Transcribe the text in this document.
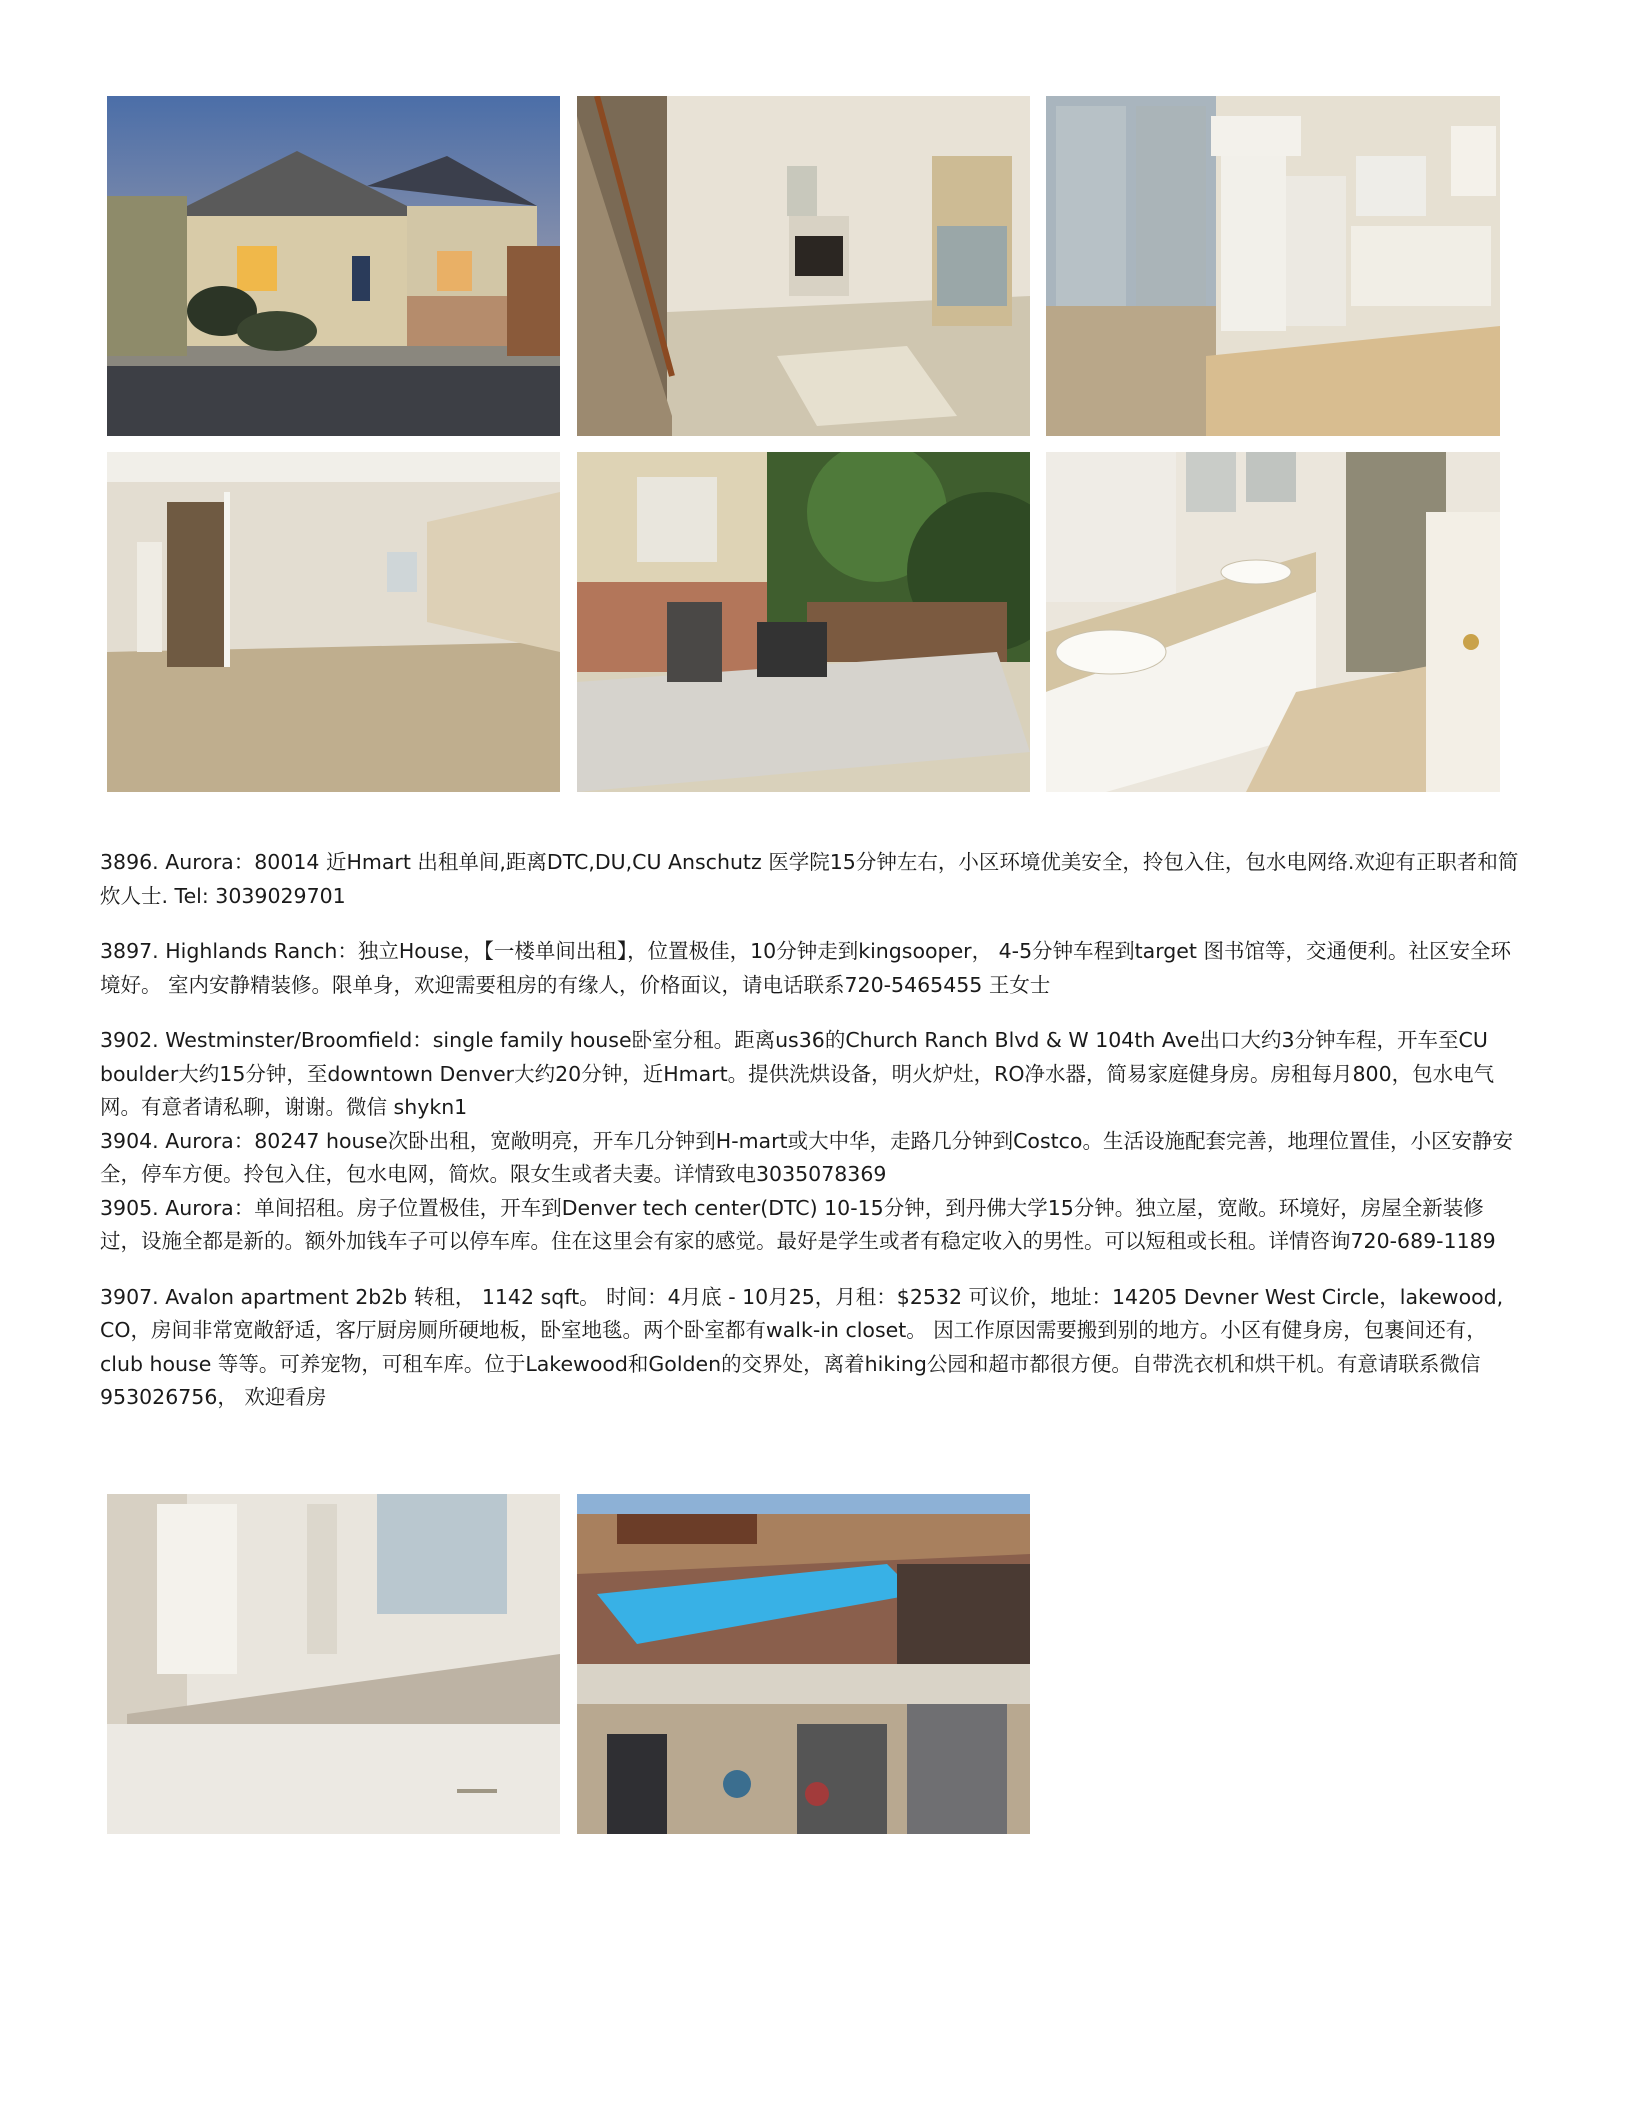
3896. Aurora：80014 近Hmart 出租单间,距离DTC,DU,CU Anschutz 医学院15分钟左右，小区环境优美安全，拎包入住，包水电网络.欢迎有正职者和简炊人士. Tel: 3039029701

3897. Highlands Ranch：独立House，【一楼单间出租】，位置极佳，10分钟走到kingsooper， 4-5分钟车程到target 图书馆等，交通便利。社区安全环境好。 室内安静精装修。限单身，欢迎需要租房的有缘人，价格面议，请电话联系720-5465455 王女士

3902. Westminster/Broomfield：single family house卧室分租。距离us36的Church Ranch Blvd & W 104th Ave出口大约3分钟车程，开车至CU boulder大约15分钟，至downtown Denver大约20分钟，近Hmart。提供洗烘设备，明火炉灶，RO净水器，简易家庭健身房。房租每月800，包水电气网。有意者请私聊，谢谢。微信 shykn1

3904. Aurora：80247 house次卧出租，宽敞明亮，开车几分钟到H-mart或大中华，走路几分钟到Costco。生活设施配套完善，地理位置佳，小区安静安全，停车方便。拎包入住，包水电网，简炊。限女生或者夫妻。详情致电3035078369

3905. Aurora：单间招租。房子位置极佳，开车到Denver tech center(DTC) 10-15分钟，到丹佛大学15分钟。独立屋，宽敞。环境好，房屋全新装修过，设施全都是新的。额外加钱车子可以停车库。住在这里会有家的感觉。最好是学生或者有稳定收入的男性。可以短租或长租。详情咨询720-689-1189

3907. Avalon apartment 2b2b 转租， 1142 sqft。 时间：4月底 - 10月25，月租：$2532 可议价，地址：14205 Devner West Circle，lakewood, CO，房间非常宽敞舒适，客厅厨房厕所硬地板，卧室地毯。两个卧室都有walk-in closet。 因工作原因需要搬到别的地方。小区有健身房，包裹间还有，club house 等等。可养宠物，可租车库。位于Lakewood和Golden的交界处，离着hiking公园和超市都很方便。自带洗衣机和烘干机。有意请联系微信 953026756， 欢迎看房
